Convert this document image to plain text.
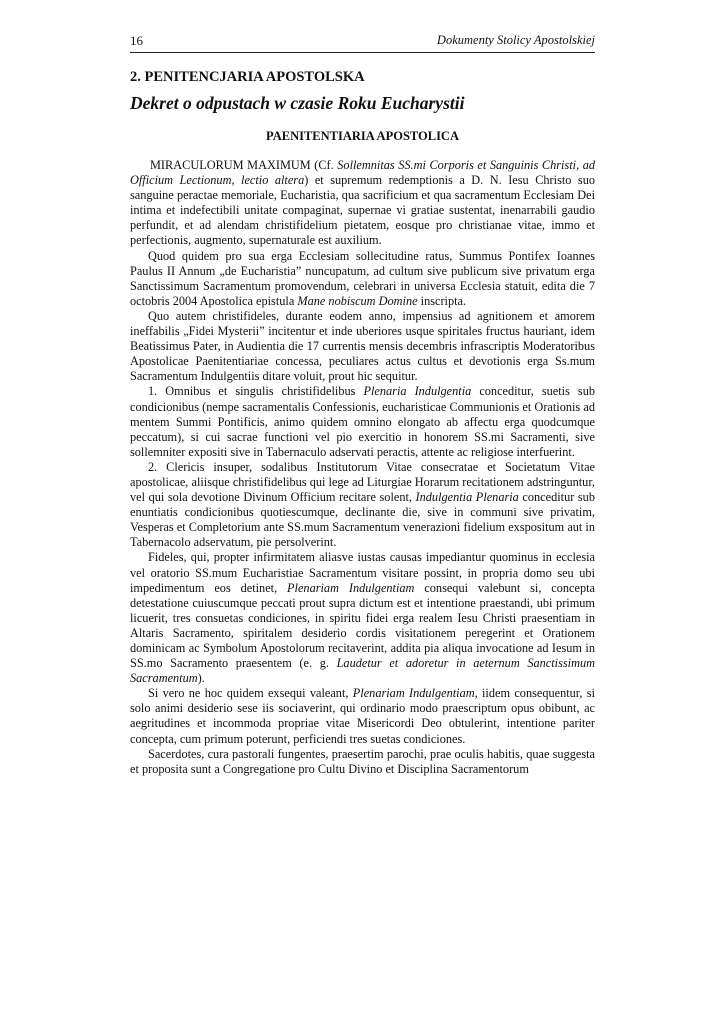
16	Dokumenty Stolicy Apostolskiej
2. PENITENCJARIA APOSTOLSKA
Dekret o odpustach w czasie Roku Eucharystii
PAENITENTIARIA APOSTOLICA

MIRACULORUM MAXIMUM (Cf. Sollemnitas SS.mi Corporis et Sanguinis Christi, ad Officium Lectionum, lectio altera) et supremum redemptionis a D. N. Iesu Christo suo sanguine peractae memoriale, Eucharistia, qua sacrificium et qua sacramentum Ecclesiam Dei intima et indefectibili unitate compaginat, supernae vi gratiae sustentat, inenarrabili gaudio perfundit, et ad alendam christifidelium pietatem, eosque pro christianae vitae, immo et perfectionis, augmento, supernaturale est auxilium.

Quod quidem pro sua erga Ecclesiam sollecitudine ratus, Summus Pontifex Ioannes Paulus II Annum „de Eucharistia” nuncupatum, ad cultum sive publicum sive privatum erga Sanctissimum Sacramentum promovendum, celebrari in universa Ecclesia statuit, edita die 7 octobris 2004 Apostolica epistula Mane nobiscum Domine inscripta.

Quo autem christifideles, durante eodem anno, impensius ad agnitionem et amorem ineffabilis „Fidei Mysterii” incitentur et inde uberiores usque spiritales fructus hauriant, idem Beatissimus Pater, in Audientia die 17 currentis mensis decembris infrascriptis Moderatoribus Apostolicae Paenitentiariae concessa, peculiares actus cultus et devotionis erga Ss.mum Sacramentum Indulgentiis ditare voluit, prout hic sequitur.

1. Omnibus et singulis christifidelibus Plenaria Indulgentia conceditur, suetis sub condicionibus (nempe sacramentalis Confessionis, eucharisticae Communionis et Orationis ad mentem Summi Pontificis, animo quidem omnino elongato ab affectu erga quodcumque peccatum), si cui sacrae functioni vel pio exercitio in honorem SS.mi Sacramenti, sive sollemniter expositi sive in Tabernaculo adservati peractis, attente ac religiose interfuerint.

2. Clericis insuper, sodalibus Institutorum Vitae consecratae et Societatum Vitae apostolicae, aliisque christifidelibus qui lege ad Liturgiae Horarum recitationem adstringuntur, vel qui sola devotione Divinum Officium recitare solent, Indulgentia Plenaria conceditur sub enuntiatis condicionibus quotiescumque, declinante die, sive in communi sive privatim, Vesperas et Completorium ante SS.mum Sacramentum venerazioni fidelium exspositum aut in Tabernacolo adservatum, pie persolverint.

Fideles, qui, propter infirmitatem aliasve iustas causas impediantur quominus in ecclesia vel oratorio SS.mum Eucharistiae Sacramentum visitare possint, in propria domo seu ubi impedimentum eos detinet, Plenariam Indulgentiam consequi valebunt si, concepta detestatione cuiuscumque peccati prout supra dictum est et intentione praestandi, ubi primum licuerit, tres consuetas condiciones, in spiritu fidei erga realem Iesu Christi praesentiam in Altaris Sacramento, spiritalem desiderio cordis visitationem peregerint et Orationem dominicam ac Symbolum Apostolorum recitaverint, addita pia aliqua invocatione ad Iesum in SS.mo Sacramento praesentem (e. g. Laudetur et adoretur in aeternum Sanctissimum Sacramentum).

Si vero ne hoc quidem exsequi valeant, Plenariam Indulgentiam, iidem consequentur, si solo animi desiderio sese iis sociaverint, qui ordinario modo praescriptum opus obibunt, ac aegritudines et incommoda propriae vitae Misericordi Deo obtulerint, intentione pariter concepta, cum primum poterunt, perficiendi tres suetas condiciones.

Sacerdotes, cura pastorali fungentes, praesertim parochi, prae oculis habitis, quae suggesta et proposita sunt a Congregatione pro Cultu Divino et Disciplina Sacramentorum
